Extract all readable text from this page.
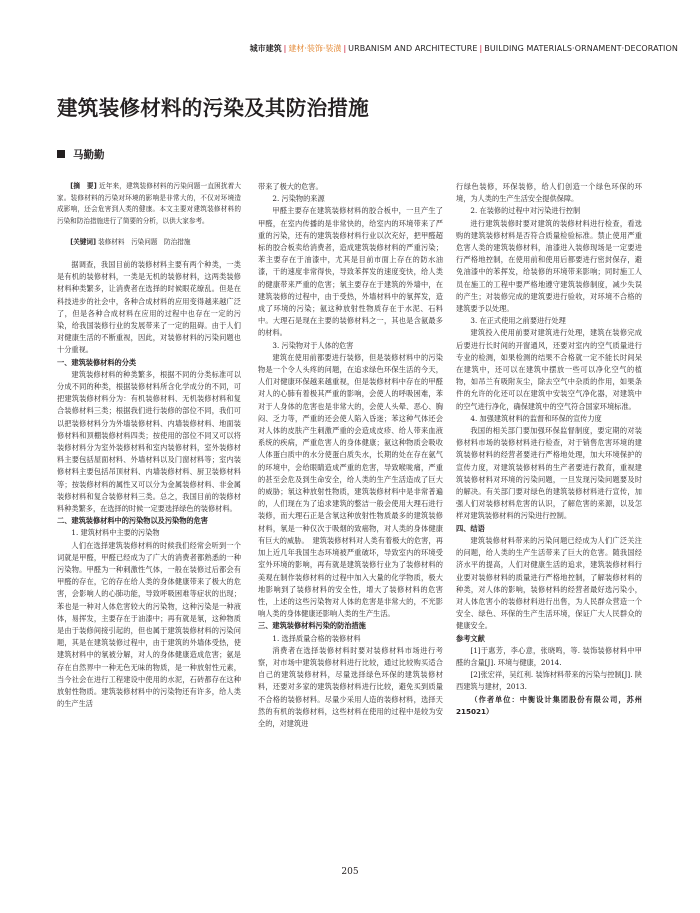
城市建筑 | 建材·装饰·装潢 | URBANISM AND ARCHITECTURE | BUILDING MATERIALS·ORNAMENT·DECORATION
建筑装修材料的污染及其防治措施
马勤勤

[摘　要] 近年来，建筑装修材料的污染问题一直困扰着大家。装修材料的污染对环境的影响是非常大的，不仅对环境造成影响，还会危害到人类的健康。本文主要对建筑装修材料的污染和防治措施进行了简要的分析，以供大家参考。

[关键词] 装修材料　污染问题　防治措施

据调查，我国目前的装修材料主要有两个种类，一类是有机的装修材料，一类是无机的装修材料，这两类装修材料种类繁多，让消费者在选择的时候眼花缭乱。但是在科技进步的社会中，各种合成材料的应用变得越来越广泛了，但是各种合成材料在应用的过程中也存在一定的污染，给我国装修行业的发展带来了一定的阻碍。由于人们对健康生活的不断重视，因此，对装修材料的污染问题也十分重视。

一、建筑装修材料的分类

建筑装修材料的种类繁多，根据不同的分类标准可以分成不同的种类，根据装修材料所含化学成分的不同，可把建筑装修材料分为：有机装修材料、无机装修材料和复合装修材料三类；根据我们进行装修的部位不同，我们可以把装修材料分为外墙装修材料、内墙装修材料、地面装修材料和顶棚装修材料四类；按使用的部位不同又可以将装修材料分为室外装修材料和室内装修材料，室外装修材料主要包括屋面材料、外墙材料以及门窗材料等；室内装修材料主要包括吊顶材料、内墙装修材料、厨卫装修材料等；按装修材料的属性又可以分为金属装修材料、非金属装修材料和复合装修材料三类。总之，我国目前的装修材料种类繁多，在选择的时候一定要选择绿色的装修材料。

二、建筑装修材料中的污染物以及污染物的危害

1. 建筑材料中主要的污染物

人们在选择建筑装修材料的时候我们经常会听到一个词就是甲醛，甲醛已经成为了广大的消费者都熟悉的一种污染物。甲醛为一种刺激性气体，一般在装修过后都会有甲醛的存在，它的存在给人类的身体健康带来了极大的危害，会影响人的心肺功能，导致呼吸困难等症状的出现；苯也是一种对人体危害较大的污染物，这种污染是一种液体，易挥发，主要存在于油漆中；再有就是氡，这种物质是由于装修间接引起的，但也属于建筑装修材料的污染问题，其是在建筑装修过程中，由于建筑的外墙体受热，使建筑材料中的氡被分解，对人的身体健康造成危害；氨是存在自然界中一种无色无味的物质，是一种放射性元素，当今社会在进行工程建设中使用的水泥，石砖都存在这种放射性物质。建筑装修材料中的污染物还有许多，给人类的生产生活

带来了极大的危害。

2. 污染物的来源

甲醛主要存在建筑装修材料的胶合板中，一旦产生了甲醛，在室内传播的是非常快的，给室内的环境带来了严重的污染，还有的建筑装修材料行业以次充好，把甲醛超标的胶合板卖给消费者，造成建筑装修材料的严重污染；苯主要存在于油漆中，尤其是目前市面上存在的防水油漆，干的速度非常得快，导致苯挥发的速度变快，给人类的健康带来严重的危害；氡主要存在于建筑的外墙中，在建筑装修的过程中，由于受热，外墙材料中的氡挥发，造成了环境的污染；氨这种放射性物质存在于水泥、石料中。大理石是现在主要的装修材料之一，其也是含氨最多的材料。

3. 污染物对于人体的危害

建筑在使用前都要进行装修，但是装修材料中的污染物是一个令人头疼的问题，在追求绿色环保生活的今天，人们对健康环保越来越重视，但是装修材料中存在的甲醛对人的心肺有着极其严重的影响，会使人的呼吸困难，苯对于人身体的危害也是非常大的，会使人头晕、恶心、胸闷、乏力等，严重的还会使人陷入昏迷；苯这种气体还会对人体的皮肤产生刺激严重的会造成皮疹、给人带来血液系统的疾病，严重危害人的身体健康；氨这种物质会吸收人体蛋白质中的水分使蛋白质失水，长期的处在存在氨气的环境中，会给眼睛造成严重的危害，导致喉咙痛，严重的甚至会危及到生命安全，给人类的生产生活造成了巨大的威胁；氡这种放射性物质，建筑装修材料中是非常普遍的，人们现在为了追求建筑的整洁一般会使用大理石进行装修，而大理石正是含氡这种放射性物质最多的建筑装修材料，氡是一种仅次于吸烟的致癌物，对人类的身体健康有巨大的威胁。　建筑装修材料对人类有着极大的危害，再加上近几年我国生态环境被严重破坏，导致室内的环境受室外环境的影响，再有就是建筑装修行业为了装修材料的美观在制作装修材料的过程中加入大量的化学物质，极大地影响到了装修材料的安全性，增大了装修材料的危害性，上述的这些污染物对人体的危害是非常大的，不光影响人类的身体健康还影响人类的生产生活。

三、建筑装修材料污染的防治措施

1. 选择质量合格的装修材料

消费者在选择装修材料时要对装修材料市场进行考察，对市场中建筑装修材料进行比较，通过比较购买适合自己的建筑装修材料，尽量选择绿色环保的建筑装修材料，还要对多家的建筑装修材料进行比较，避免买到质量不合格的装修材料。尽量少采用人造的装修材料，选择天然的有机的装修材料，这些材料在使用的过程中是较为安全的，对建筑进

行绿色装修，环保装修，给人们创造一个绿色环保的环境，为人类的生产生活安全提供保障。

2. 在装修的过程中对污染进行控制

进行建筑装修时要对建筑的装修材料进行检查，看选购的建筑装修材料是否符合质量检验标准。禁止使用严重危害人类的建筑装修材料，油漆进入装修现场是一定要进行严格地控制，在使用前和使用后都要进行密封保存，避免油漆中的苯挥发，给装修的环境带来影响；同时施工人员在施工的工程中要严格地遵守建筑装修制度，减少失误的产生；对装修完成的建筑要进行验收，对环境不合格的建筑要予以处理。

3. 在正式使用之前要进行处理

建筑投入使用前要对建筑进行处理，建筑在装修完成后要进行长时间的开窗通风，还要对室内的空气质量进行专业的检测，如果检测的结果不合格就一定不能长时间呆在建筑中，还可以在建筑中摆放一些可以净化空气的植物，如吊兰有吸附灰尘，除去空气中杂质的作用，如果条件的允许的化还可以在建筑中安装空气净化器，对建筑中的空气进行净化，确保建筑中的空气符合国家环境标准。

4. 加强建筑材料的监督和环保的宣传力度

我国的相关部门要加强环保监督制度，要定期的对装修材料市场的装修材料进行检查，对于销售危害环境的建筑装修材料的经营者要进行严格地处理，加大环境保护的宣传力度，对建筑装修材料的生产者要进行教育，重视建筑装修材料对环境的污染问题，一旦发现污染问题要及时的解决。有关部门要对绿色的建筑装修材料进行宣传，加强人们对装修材料危害的认识，了解危害的来源，以及怎样对建筑装修材料的污染进行控制。

四、结语

建筑装修材料带来的污染问题已经成为人们广泛关注的问题，给人类的生产生活带来了巨大的危害。随我国经济水平的提高，人们对健康生活的追求，建筑装修材料行业要对装修材料的质量进行严格地控制，了解装修材料的种类，对人体的影响，装修材料的经营者最好选污染小，对人体危害小的装修材料进行出售，为人民群众营造一个安全、绿色、环保的生产生活环境，保证广大人民群众的健康安全。

参考文献

[1]于惠芳，李心意，张晓鸣，等. 装饰装修材料中甲醛的含量[J]. 环境与健康，2014.

[2]张宏祥，吴红利. 装饰材料带来的污染与控制[J]. 陕西建筑与建材，2013.

（作者单位：中衡设计集团股份有限公司，苏州 215021）

205
